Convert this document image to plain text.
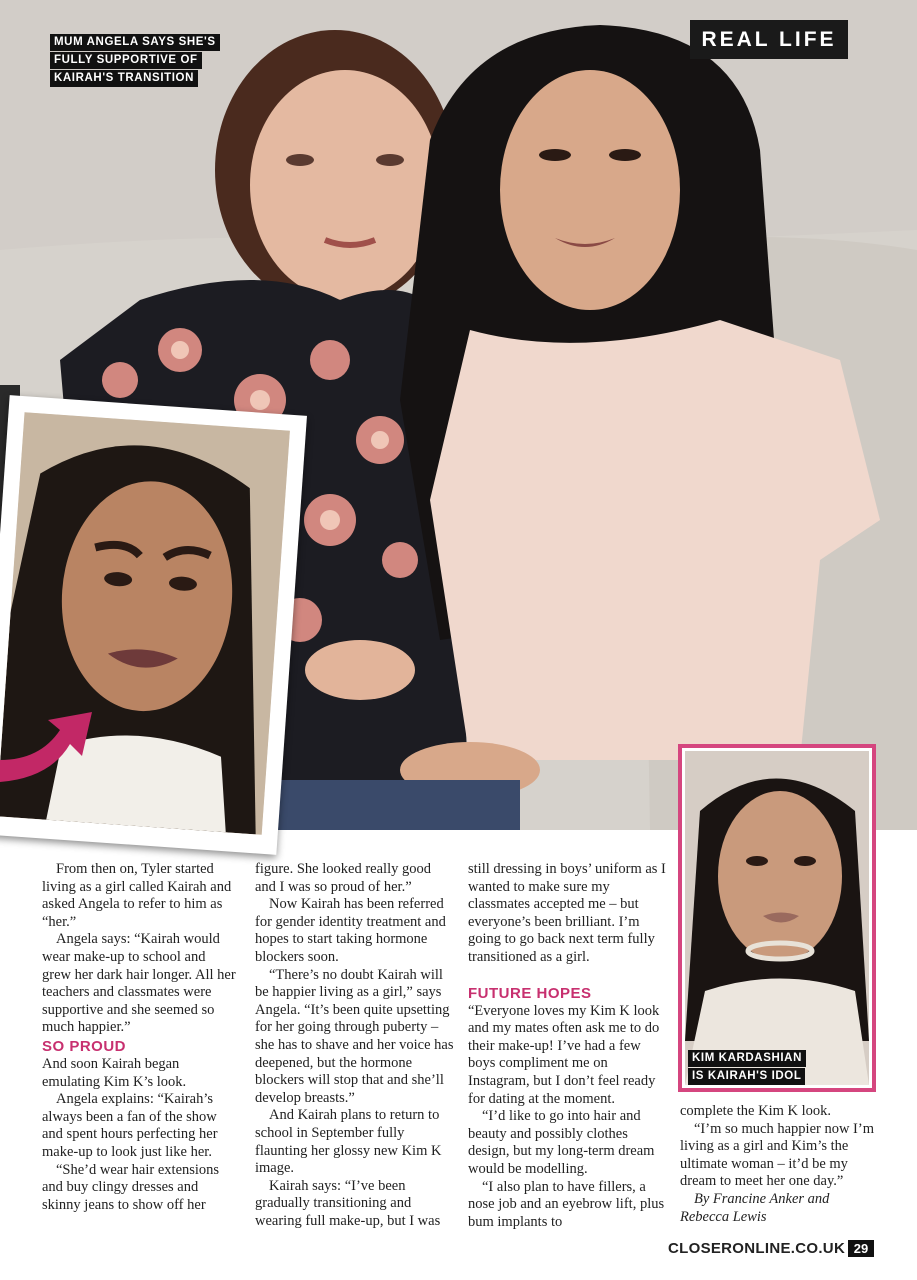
REAL LIFE
MUM ANGELA SAYS SHE'S
FULLY SUPPORTIVE OF
KAIRAH'S TRANSITION
KIM KARDASHIAN
IS KAIRAH'S IDOL

From then on, Tyler started living as a girl called Kairah and asked Angela to refer to him as “her.”

Angela says: “Kairah would wear make-up to school and grew her dark hair longer. All her teachers and classmates were supportive and she seemed so much happier.”

SO PROUD

And soon Kairah began emulating Kim K’s look.

Angela explains: “Kairah’s always been a fan of the show and spent hours perfecting her make-up to look just like her.

“She’d wear hair extensions and buy clingy dresses and skinny jeans to show off her

figure. She looked really good and I was so proud of her.”

Now Kairah has been referred for gender identity treatment and hopes to start taking hormone blockers soon.

“There’s no doubt Kairah will be happier living as a girl,” says Angela. “It’s been quite upsetting for her going through puberty – she has to shave and her voice has deepened, but the hormone blockers will stop that and she’ll develop breasts.”

And Kairah plans to return to school in September fully flaunting her glossy new Kim K image.

Kairah says: “I’ve been gradually transitioning and wearing full make-up, but I was

still dressing in boys’ uniform as I wanted to make sure my classmates accepted me – but everyone’s been brilliant. I’m going to go back next term fully transitioned as a girl.

FUTURE HOPES

“Everyone loves my Kim K look and my mates often ask me to do their make-up! I’ve had a few boys compliment me on Instagram, but I don’t feel ready for dating at the moment.

“I’d like to go into hair and beauty and possibly clothes design, but my long-term dream would be modelling.

“I also plan to have fillers, a nose job and an eyebrow lift, plus bum implants to

complete the Kim K look.

“I’m so much happier now I’m living as a girl and Kim’s the ultimate woman – it’d be my dream to meet her one day.”

By Francine Anker and Rebecca Lewis

CLOSERONLINE.CO.UK 29
